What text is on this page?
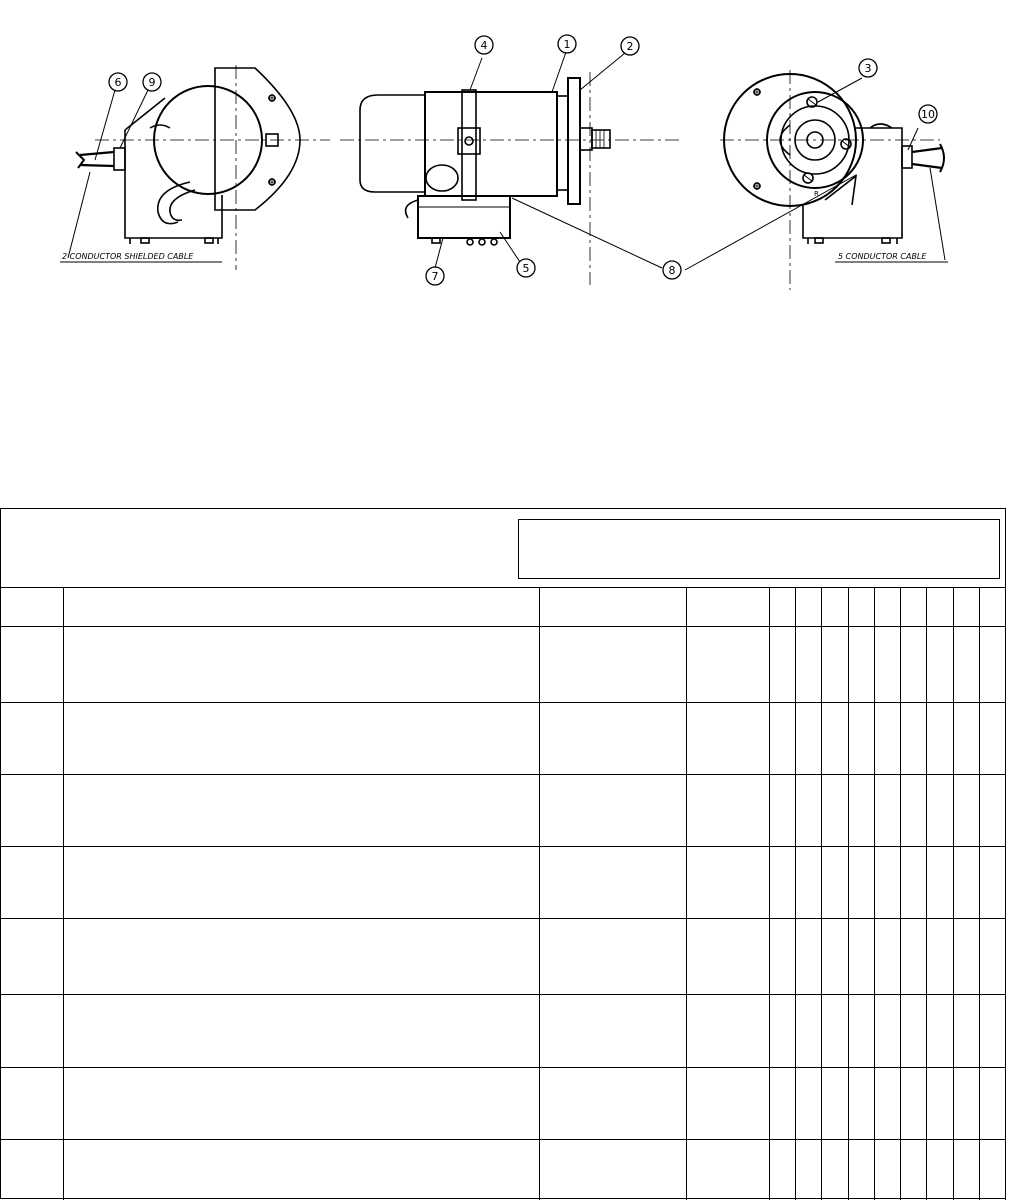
1	2
3
4
5
6
7	8
9
10
2 CONDUCTOR SHIELDED CABLE	5 CONDUCTOR CABLE
R
